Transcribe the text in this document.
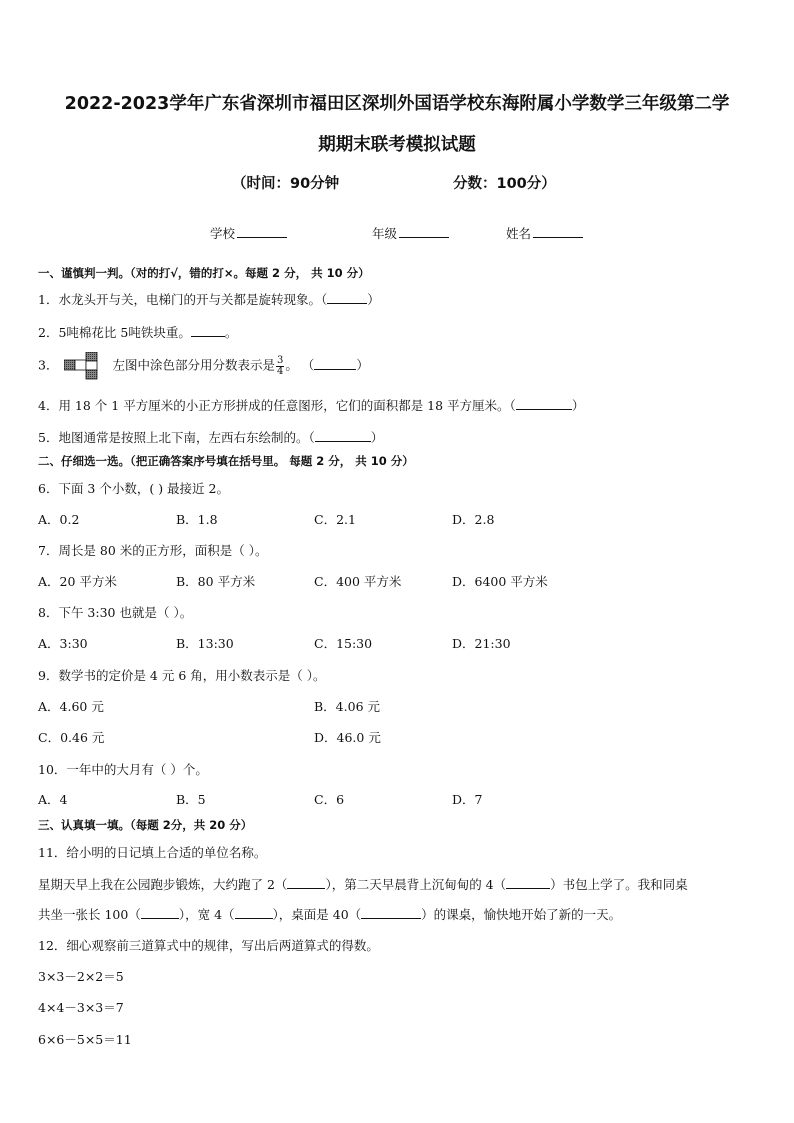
2022-2023学年广东省深圳市福田区深圳外国语学校东海附属小学数学三年级第二学
期期末联考模拟试题
（时间：90分钟	分数：100分）
学校	年级	姓名
一、谨慎判一判。（对的打√，错的打×。每题 2 分， 共 10 分）
1．水龙头开与关，电梯门的开与关都是旋转现象。（	）
2．5吨棉花比 5吨铁块重。	。
3．	左图中涂色部分用分数表示是 $\frac{3}{4}$ 。 （	）
4．用 18 个 1 平方厘米的小正方形拼成的任意图形，它们的面积都是 18 平方厘米。（	）
5．地图通常是按照上北下南，左西右东绘制的。（	）
二、仔细选一选。（把正确答案序号填在括号里。 每题 2 分， 共 10 分）
6．下面 3 个小数，( ) 最接近 2。
A．0.2	B．1.8	C．2.1	D．2.8
7．周长是 80 米的正方形，面积是（ ）。
A．20 平方米	B．80 平方米	C．400 平方米	D．6400 平方米
8．下午 3:30 也就是（ ）。
A．3:30	B．13:30	C．15:30	D．21:30
9．数学书的定价是 4 元 6 角，用小数表示是（ ）。
A．4.60 元	B．4.06 元
C．0.46 元	D．46.0 元
10．一年中的大月有（ ）个。
A．4	B．5	C．6	D．7
三、认真填一填。（每题 2分，共 20 分）
11．给小明的日记填上合适的单位名称。
星期天早上我在公园跑步锻炼，大约跑了 2（	），第二天早晨背上沉甸甸的 4（	）书包上学了。我和同桌
共坐一张长 100（	），宽 4（	），桌面是 40（	）的课桌，愉快地开始了新的一天。
12．细心观察前三道算式中的规律，写出后两道算式的得数。
3×3－2×2＝5
4×4－3×3＝7
6×6－5×5＝11
